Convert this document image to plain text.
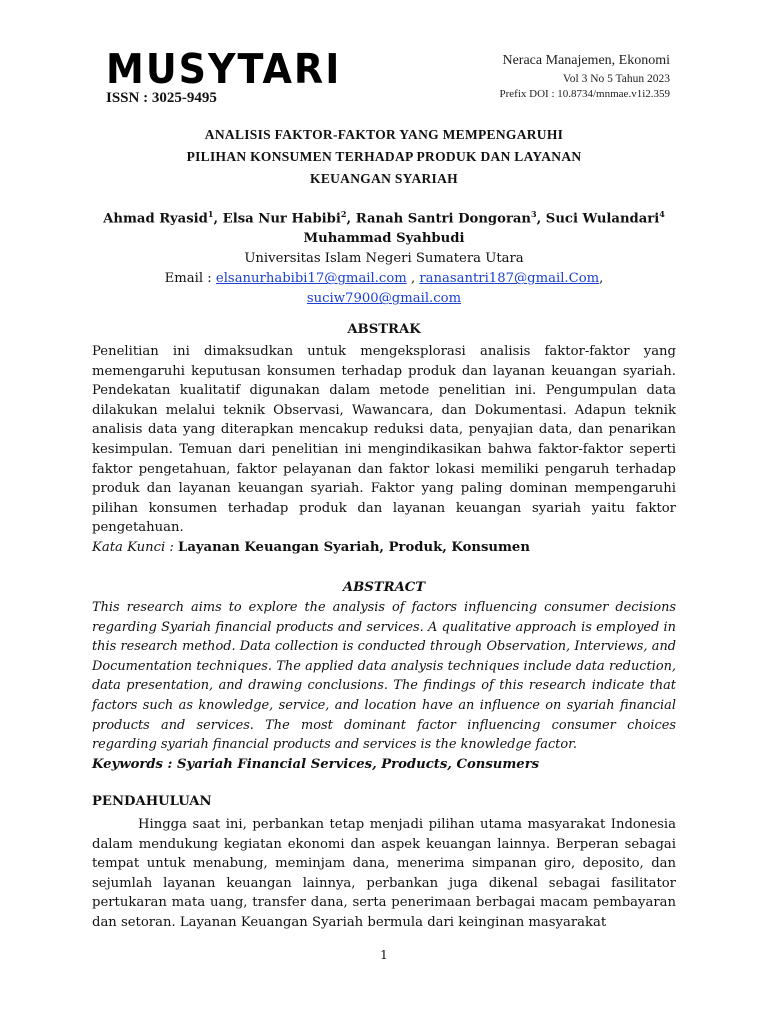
MUSYTARI
ISSN : 3025-9495
Neraca Manajemen, Ekonomi
Vol 3 No 5 Tahun 2023
Prefix DOI : 10.8734/mnmae.v1i2.359
ANALISIS FAKTOR-FAKTOR YANG MEMPENGARUHI
PILIHAN KONSUMEN TERHADAP PRODUK DAN LAYANAN
KEUANGAN SYARIAH
Ahmad Ryasid$^1$, Elsa Nur Habibi$^2$, Ranah Santri Dongoran$^3$, Suci Wulandari$^4$
Muhammad Syahbudi
Universitas Islam Negeri Sumatera Utara
Email : elsanurhabibi17@gmail.com , ranasantri187@gmail.Com,
suciw7900@gmail.com
ABSTRAK
Penelitian ini dimaksudkan untuk mengeksplorasi analisis faktor-faktor yang memengaruhi keputusan konsumen terhadap produk dan layanan keuangan syariah. Pendekatan kualitatif digunakan dalam metode penelitian ini. Pengumpulan data dilakukan melalui teknik Observasi, Wawancara, dan Dokumentasi. Adapun teknik analisis data yang diterapkan mencakup reduksi data, penyajian data, dan penarikan kesimpulan. Temuan dari penelitian ini mengindikasikan bahwa faktor-faktor seperti faktor pengetahuan, faktor pelayanan dan faktor lokasi memiliki pengaruh terhadap produk dan layanan keuangan syariah. Faktor yang paling dominan mempengaruhi pilihan konsumen terhadap produk dan layanan keuangan syariah yaitu faktor pengetahuan.
Kata Kunci : Layanan Keuangan Syariah, Produk, Konsumen
ABSTRACT
This research aims to explore the analysis of factors influencing consumer decisions regarding Syariah financial products and services. A qualitative approach is employed in this research method. Data collection is conducted through Observation, Interviews, and Documentation techniques. The applied data analysis techniques include data reduction, data presentation, and drawing conclusions. The findings of this research indicate that factors such as knowledge, service, and location have an influence on syariah financial products and services. The most dominant factor influencing consumer choices regarding syariah financial products and services is the knowledge factor.
Keywords : Syariah Financial Services, Products, Consumers
PENDAHULUAN
Hingga saat ini, perbankan tetap menjadi pilihan utama masyarakat Indonesia dalam mendukung kegiatan ekonomi dan aspek keuangan lainnya. Berperan sebagai tempat untuk menabung, meminjam dana, menerima simpanan giro, deposito, dan sejumlah layanan keuangan lainnya, perbankan juga dikenal sebagai fasilitator pertukaran mata uang, transfer dana, serta penerimaan berbagai macam pembayaran dan setoran. Layanan Keuangan Syariah bermula dari keinginan masyarakat
1
